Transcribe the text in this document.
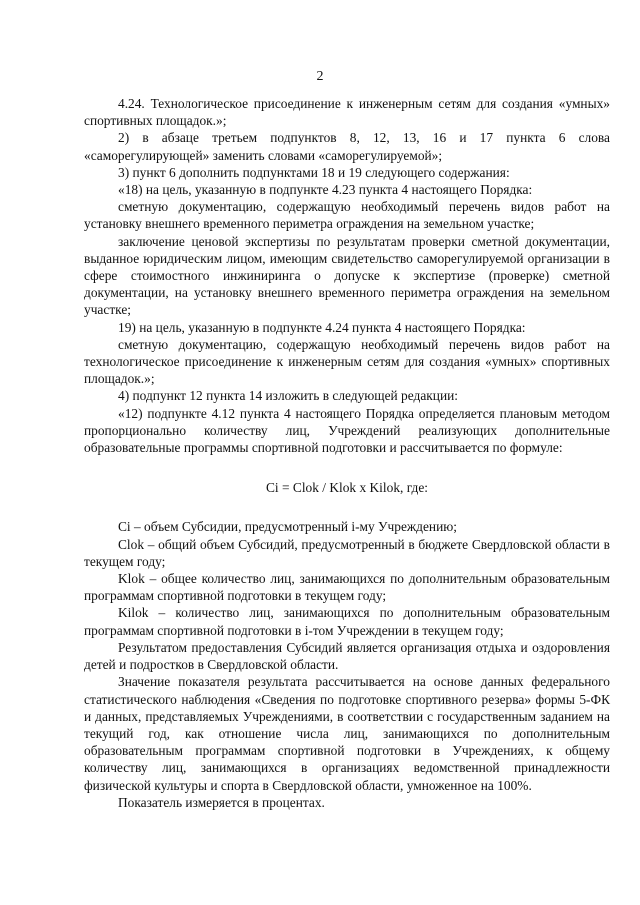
2

4.24. Технологическое присоединение к инженерным сетям для создания «умных» спортивных площадок.»;

2) в абзаце третьем подпунктов 8, 12, 13, 16 и 17 пункта 6 слова «саморегулирующей» заменить словами «саморегулируемой»;

3) пункт 6 дополнить подпунктами 18 и 19 следующего содержания:

«18) на цель, указанную в подпункте 4.23 пункта 4 настоящего Порядка:

сметную документацию, содержащую необходимый перечень видов работ на установку внешнего временного периметра ограждения на земельном участке;

заключение ценовой экспертизы по результатам проверки сметной документации, выданное юридическим лицом, имеющим свидетельство саморегулируемой организации в сфере стоимостного инжиниринга о допуске к экспертизе (проверке) сметной документации, на установку внешнего временного периметра ограждения на земельном участке;

19) на цель, указанную в подпункте 4.24 пункта 4 настоящего Порядка:

сметную документацию, содержащую необходимый перечень видов работ на технологическое присоединение к инженерным сетям для создания «умных» спортивных площадок.»;

4) подпункт 12 пункта 14 изложить в следующей редакции:

«12) подпункте 4.12 пункта 4 настоящего Порядка определяется плановым методом пропорционально количеству лиц, Учреждений реализующих дополнительные образовательные программы спортивной подготовки и рассчитывается по формуле:

Ci = Clok / Klok x Kilok, где:

Ci – объем Субсидии, предусмотренный i-му Учреждению;

Clok – общий объем Субсидий, предусмотренный в бюджете Свердловской области в текущем году;

Klok – общее количество лиц, занимающихся по дополнительным образовательным программам спортивной подготовки в текущем году;

Kilok – количество лиц, занимающихся по дополнительным образовательным программам спортивной подготовки в i-том Учреждении в текущем году;

Результатом предоставления Субсидий является организация отдыха и оздоровления детей и подростков в Свердловской области.

Значение показателя результата рассчитывается на основе данных федерального статистического наблюдения «Сведения по подготовке спортивного резерва» формы 5-ФК и данных, представляемых Учреждениями, в соответствии с государственным заданием на текущий год, как отношение числа лиц, занимающихся по дополнительным образовательным программам спортивной подготовки в Учреждениях, к общему количеству лиц, занимающихся в организациях ведомственной принадлежности физической культуры и спорта в Свердловской области, умноженное на 100%.

Показатель измеряется в процентах.
